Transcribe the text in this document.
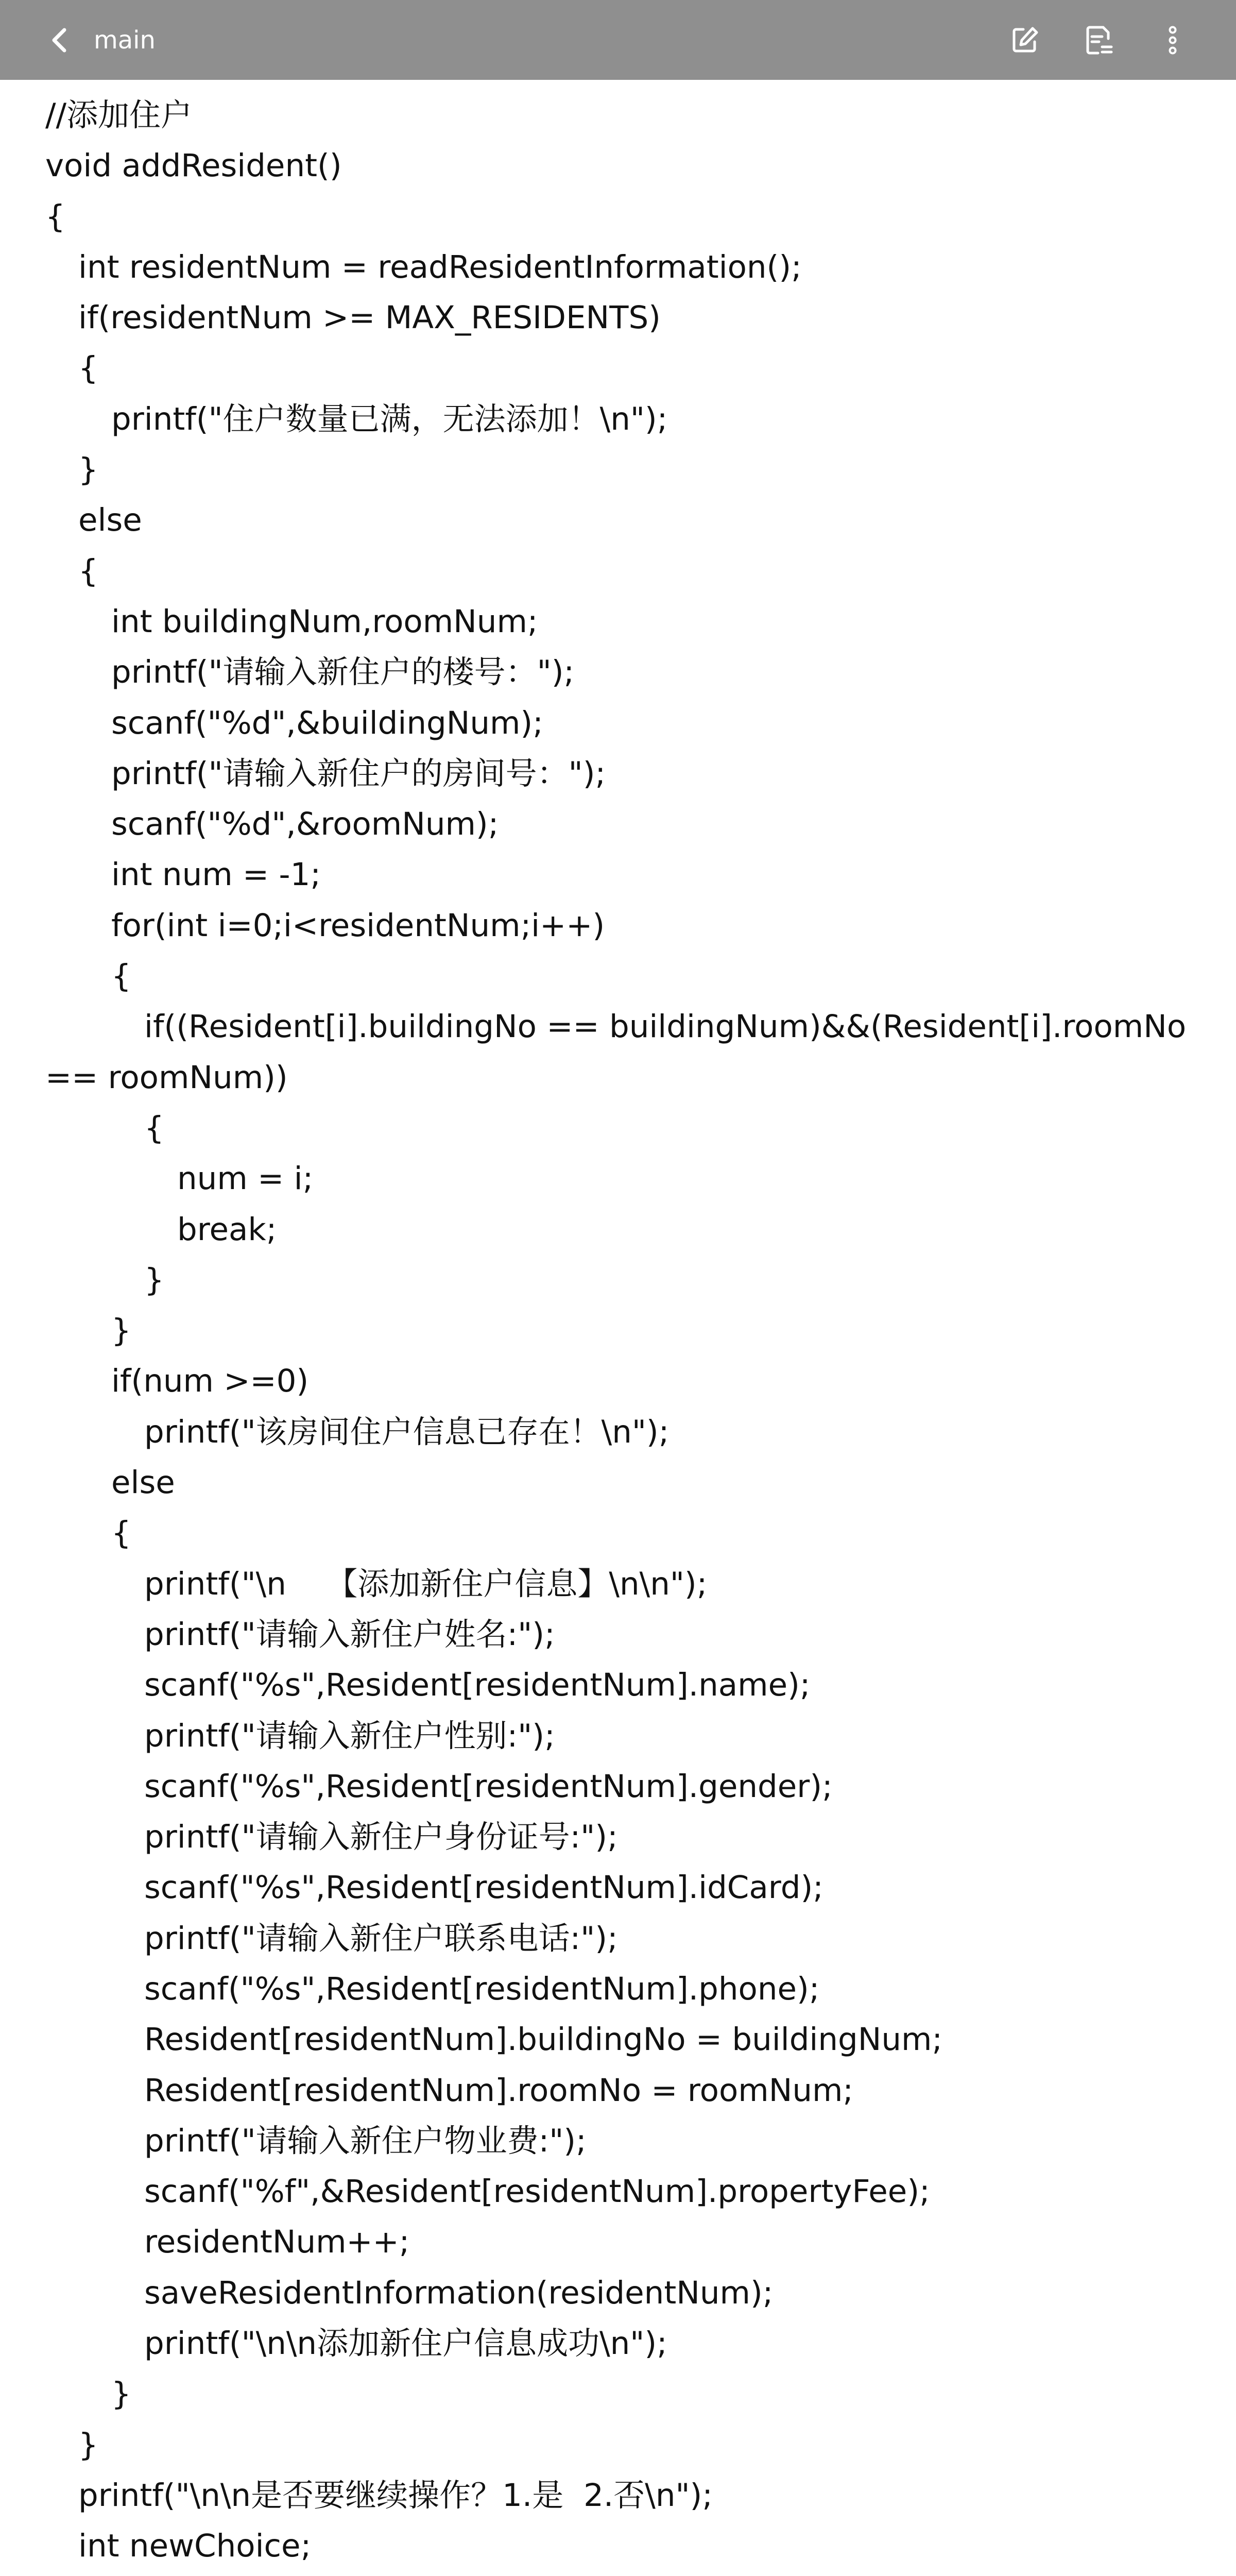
main
//添加住户
void addResident()
{
int residentNum = readResidentInformation();
if(residentNum >= MAX_RESIDENTS)
{
printf("住户数量已满，无法添加！\n");
}
else
{
int buildingNum,roomNum;
printf("请输入新住户的楼号：");
scanf("%d",&buildingNum);
printf("请输入新住户的房间号：");
scanf("%d",&roomNum);
int num = -1;
for(int i=0;i<residentNum;i++)
{
if((Resident[i].buildingNo == buildingNum)&&(Resident[i].roomNo
== roomNum))
{
num = i;
break;
}
}
if(num >=0)
printf("该房间住户信息已存在！\n");
else
{
printf("\n    【添加新住户信息】\n\n");
printf("请输入新住户姓名:");
scanf("%s",Resident[residentNum].name);
printf("请输入新住户性别:");
scanf("%s",Resident[residentNum].gender);
printf("请输入新住户身份证号:");
scanf("%s",Resident[residentNum].idCard);
printf("请输入新住户联系电话:");
scanf("%s",Resident[residentNum].phone);
Resident[residentNum].buildingNo = buildingNum;
Resident[residentNum].roomNo = roomNum;
printf("请输入新住户物业费:");
scanf("%f",&Resident[residentNum].propertyFee);
residentNum++;
saveResidentInformation(residentNum);
printf("\n\n添加新住户信息成功\n");
}
}
printf("\n\n是否要继续操作？1.是  2.否\n");
int newChoice;
